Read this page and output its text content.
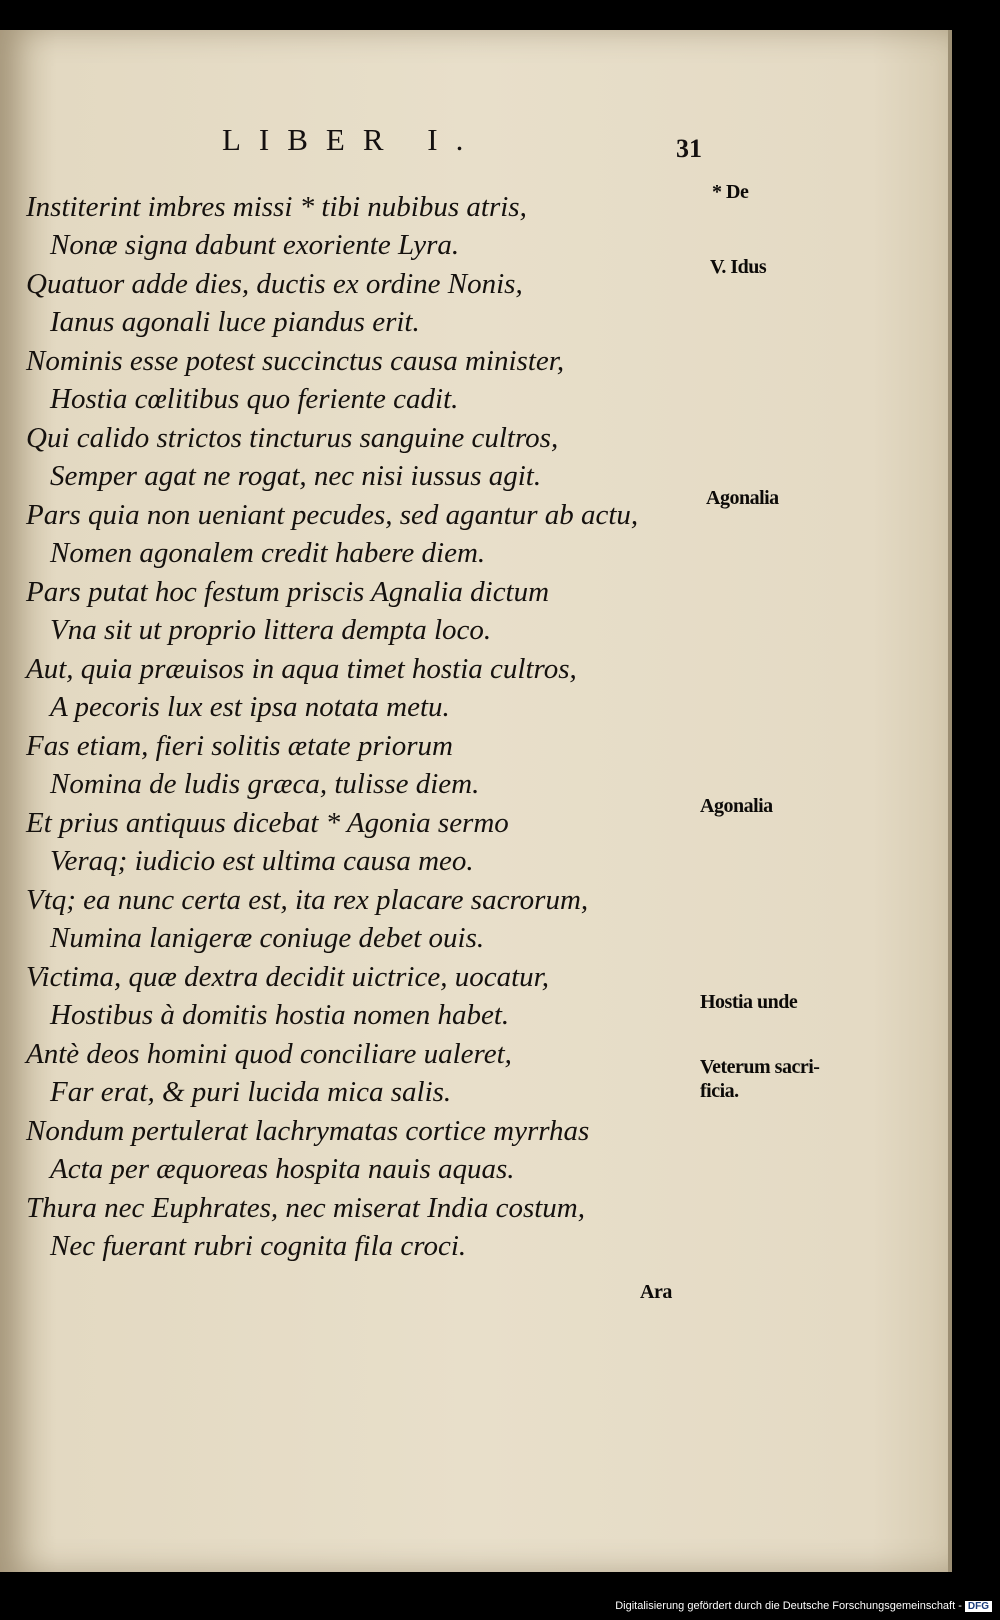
LIBER I.	31
Institerint imbres missi * tibi nubibus atris,
Nonæ signa dabunt exoriente Lyra.
Quatuor adde dies, ductis ex ordine Nonis,
Ianus agonali luce piandus erit.
Nominis esse potest succinctus causa minister,
Hostia cœlitibus quo feriente cadit.
Qui calido strictos tincturus sanguine cultros,
Semper agat ne rogat, nec nisi iussus agit.
Pars quia non ueniant pecudes, sed agantur ab actu,
Nomen agonalem credit habere diem.
Pars putat hoc festum priscis Agnalia dictum
Vna sit ut proprio littera dempta loco.
Aut, quia præuisos in aqua timet hostia cultros,
A pecoris lux est ipsa notata metu.
Fas etiam, fieri solitis ætate priorum
Nomina de ludis græca, tulisse diem.
Et prius antiquus dicebat * Agonia sermo
Veraq; iudicio est ultima causa meo.
Vtq; ea nunc certa est, ita rex placare sacrorum,
Numina lanigeræ coniuge debet ouis.
Victima, quæ dextra decidit uictrice, uocatur,
Hostibus à domitis hostia nomen habet.
Antè deos homini quod conciliare ualeret,
Far erat, & puri lucida mica salis.
Nondum pertulerat lachrymatas cortice myrrhas
Acta per æquoreas hospita nauis aquas.
Thura nec Euphrates, nec miserat India costum,
Nec fuerant rubri cognita fila croci.
* De
V. Idus
Agonalia
Agonalia
Hostia unde
Veterum sacri-
ficia.
Ara
Digitalisierung gefördert durch die Deutsche Forschungsgemeinschaft - DFG
